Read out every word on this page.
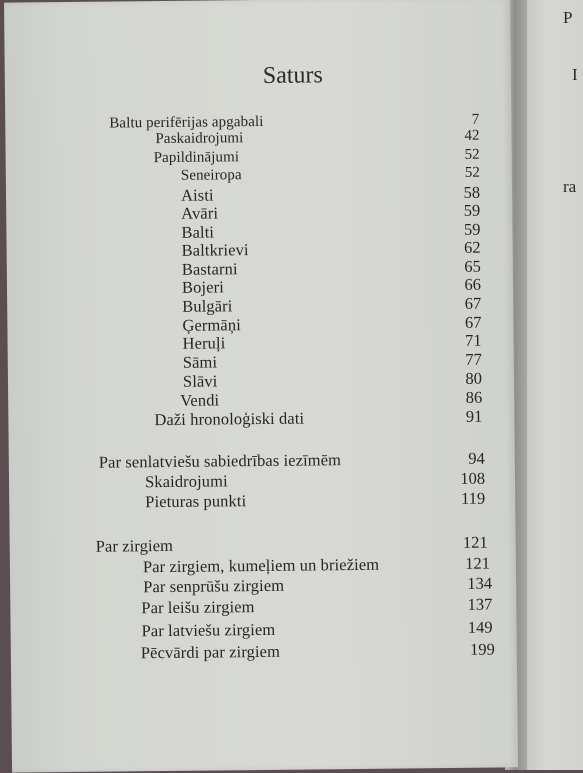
P
I
ra
Saturs
Baltu perifērijas apgabali	7
Paskaidrojumi	42
Papildinājumi	52
Seneiropa	52
Aisti	58
Avāri	59
Balti	59
Baltkrievi	62
Bastarni	65
Bojeri	66
Bulgāri	67
Ģermāņi	67
Heruļi	71
Sāmi	77
Slāvi	80
Vendi	86
Daži hronoloģiski dati	91
Par senlatviešu sabiedrības iezīmēm	94
Skaidrojumi	108
Pieturas punkti	119
Par zirgiem	121
Par zirgiem, kumeļiem un briežiem	121
Par senprūšu zirgiem	134
Par leišu zirgiem	137
Par latviešu zirgiem	149
Pēcvārdi par zirgiem	199
